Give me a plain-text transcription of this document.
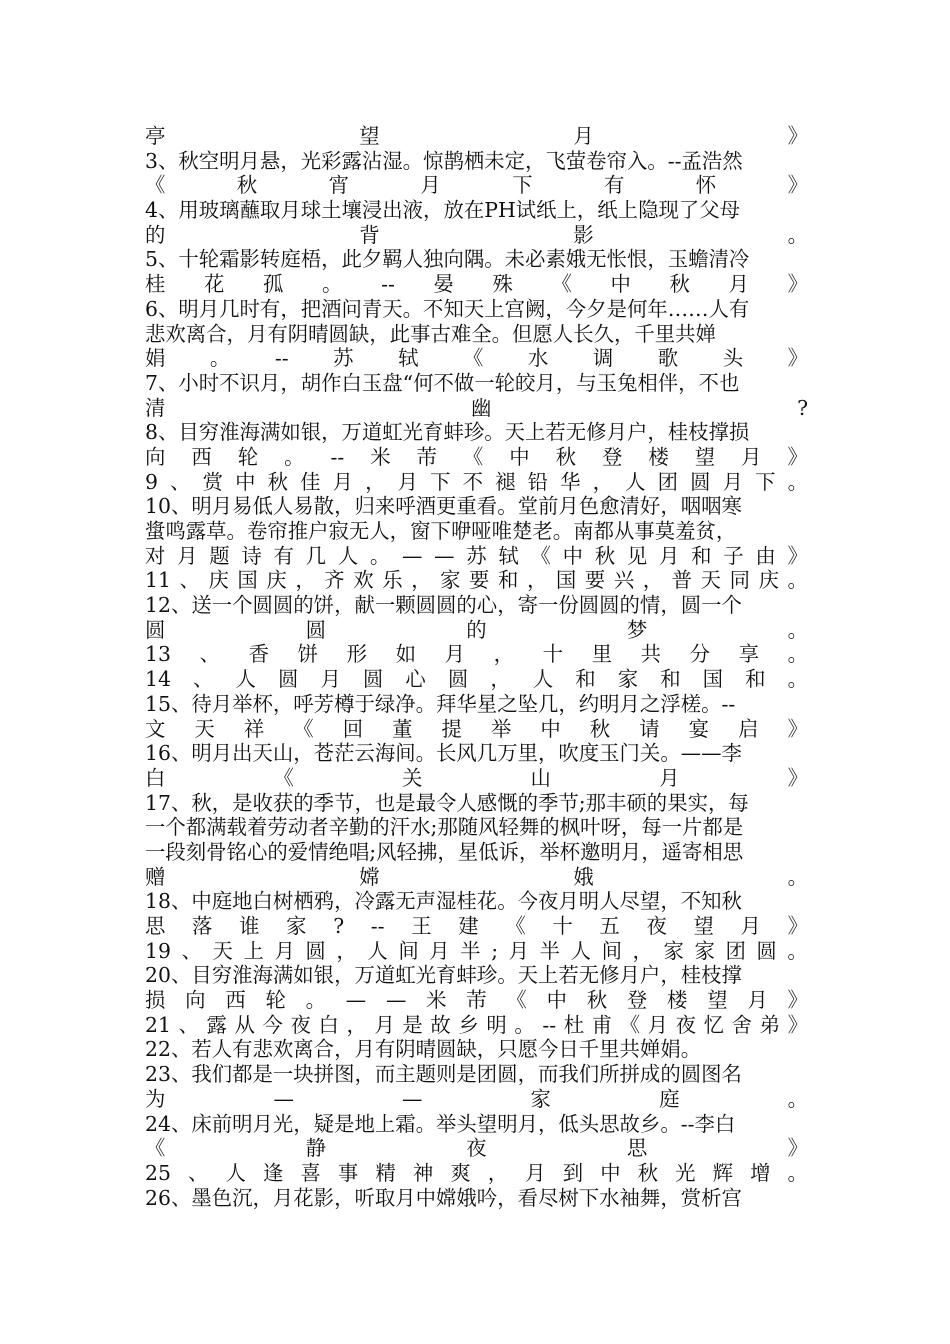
亭	望	月	》
3、秋空明月悬，光彩露沾湿。惊鹊栖未定，飞萤卷帘入。--孟浩然
《	秋	宵	月	下	有	怀	》
4、用玻璃蘸取月球土壤浸出液，放在PH试纸上，纸上隐现了父母
的	背	影	。
5、十轮霜影转庭梧，此夕羁人独向隅。未必素娥无怅恨，玉蟾清冷
桂 花 孤 。 -- 晏 殊 《 中 秋 月 》
6、明月几时有，把酒问青天。不知天上宫阙，今夕是何年……人有
悲欢离合，月有阴晴圆缺，此事古难全。但愿人长久，千里共婵
娟 。 -- 苏 轼 《 水 调 歌 头 》
7、小时不识月，胡作白玉盘“何不做一轮皎月，与玉兔相伴，不也
清	幽	?
8、目穷淮海满如银，万道虹光育蚌珍。天上若无修月户，桂枝撑损
向 西 轮 。 -- 米 芾 《 中 秋 登 楼 望 月 》
9 、 赏 中 秋 佳 月 ， 月 下 不 褪 铅 华 ， 人 团 圆 月 下 。
10、明月易低人易散，归来呼酒更重看。堂前月色愈清好，咽咽寒
螀鸣露草。卷帘推户寂无人，窗下咿哑唯楚老。南都从事莫羞贫，
对 月 题 诗 有 几 人 。 — — 苏 轼 《 中 秋 见 月 和 子 由 》
11 、 庆 国 庆 ， 齐 欢 乐 ， 家 要 和 ， 国 要 兴 ， 普 天 同 庆 。
12、送一个圆圆的饼，献一颗圆圆的心，寄一份圆圆的情，圆一个
圆	圆	的	梦	。
13 、 香 饼 形 如 月 ， 十 里 共 分 享 。
14 、 人 圆 月 圆 心 圆 ， 人 和 家 和 国 和 。
15、待月举杯，呼芳樽于绿净。拜华星之坠几，约明月之浮槎。--
文 天 祥 《 回 董 提 举 中 秋 请 宴 启 》
16、明月出天山，苍茫云海间。长风几万里，吹度玉门关。——李
白	《	关	山	月	》
17、秋，是收获的季节，也是最令人感慨的季节;那丰硕的果实，每
一个都满载着劳动者辛勤的汗水;那随风轻舞的枫叶呀，每一片都是
一段刻骨铭心的爱情绝唱;风轻拂，星低诉，举杯邀明月，遥寄相思
赠	嫦	娥	。
18、中庭地白树栖鸦，冷露无声湿桂花。今夜月明人尽望，不知秋
思 落 谁 家 ? -- 王 建 《 十 五 夜 望 月 》
19 、 天 上 月 圆 ， 人 间 月 半 ; 月 半 人 间 ， 家 家 团 圆 。
20、目穷淮海满如银，万道虹光育蚌珍。天上若无修月户，桂枝撑
损 向 西 轮 。 — — 米 芾 《 中 秋 登 楼 望 月 》
21 、 露 从 今 夜 白 ， 月 是 故 乡 明 。 -- 杜 甫 《 月 夜 忆 舍 弟 》
22、若人有悲欢离合，月有阴晴圆缺，只愿今日千里共婵娟。
23、我们都是一块拼图，而主题则是团圆，而我们所拼成的圆图名
为	—	—	家	庭	。
24、床前明月光，疑是地上霜。举头望明月，低头思故乡。--李白
《	静	夜	思	》
25 、 人 逢 喜 事 精 神 爽 ， 月 到 中 秋 光 辉 增 。
26、墨色沉，月花影，听取月中嫦娥吟，看尽树下水袖舞，赏析宫
